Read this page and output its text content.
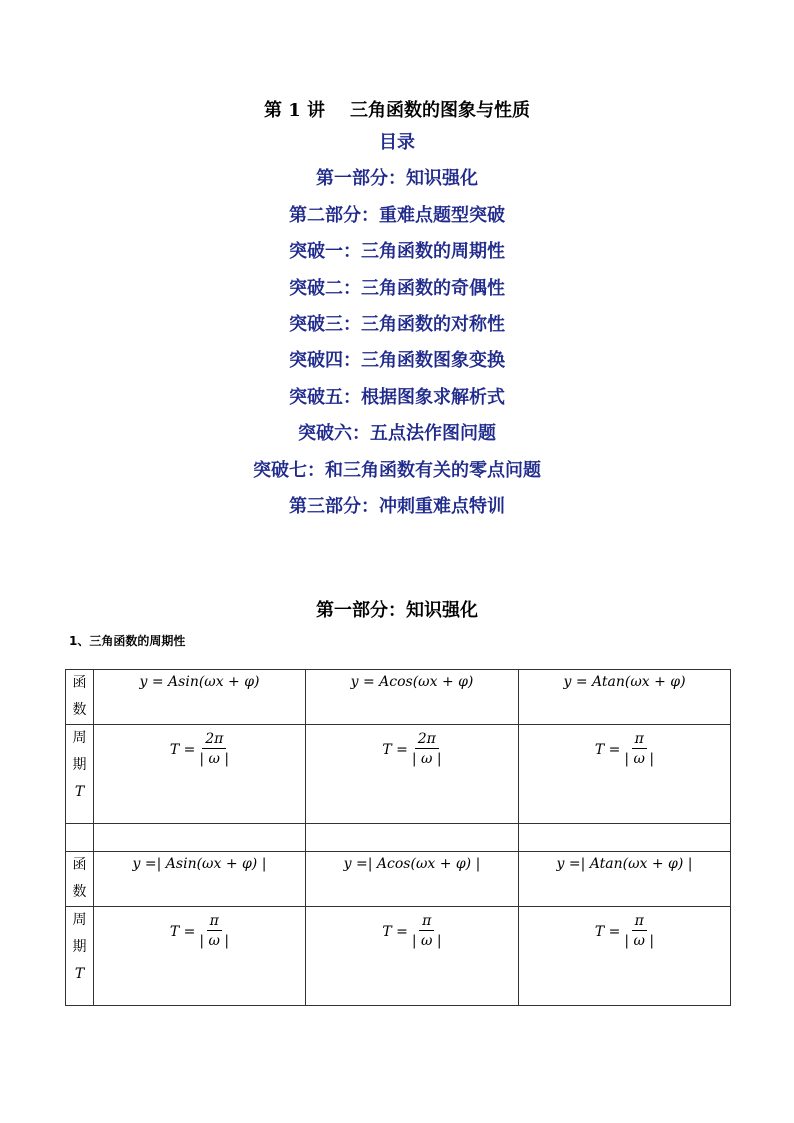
第 1 讲    三角函数的图象与性质
目录
第一部分：知识强化
第二部分：重难点题型突破
突破一：三角函数的周期性
突破二：三角函数的奇偶性
突破三：三角函数的对称性
突破四：三角函数图象变换
突破五：根据图象求解析式
突破六：五点法作图问题
突破七：和三角函数有关的零点问题
第三部分：冲刺重难点特训
第一部分：知识强化
1、三角函数的周期性
函
数	y = Asin(ωx + φ)	y = Acos(ωx + φ)	y = Atan(ωx + φ)

周
期
T	$T = \frac{2\pi}{| \omega |}$	$T = \frac{2\pi}{| \omega |}$	$T = \frac{\pi}{| \omega |}$

函
数	y =| Asin(ωx + φ) |	y =| Acos(ωx + φ) |	y =| Atan(ωx + φ) |

周
期
T	$T = \frac{\pi}{| \omega |}$	$T = \frac{\pi}{| \omega |}$	$T = \frac{\pi}{| \omega |}$
